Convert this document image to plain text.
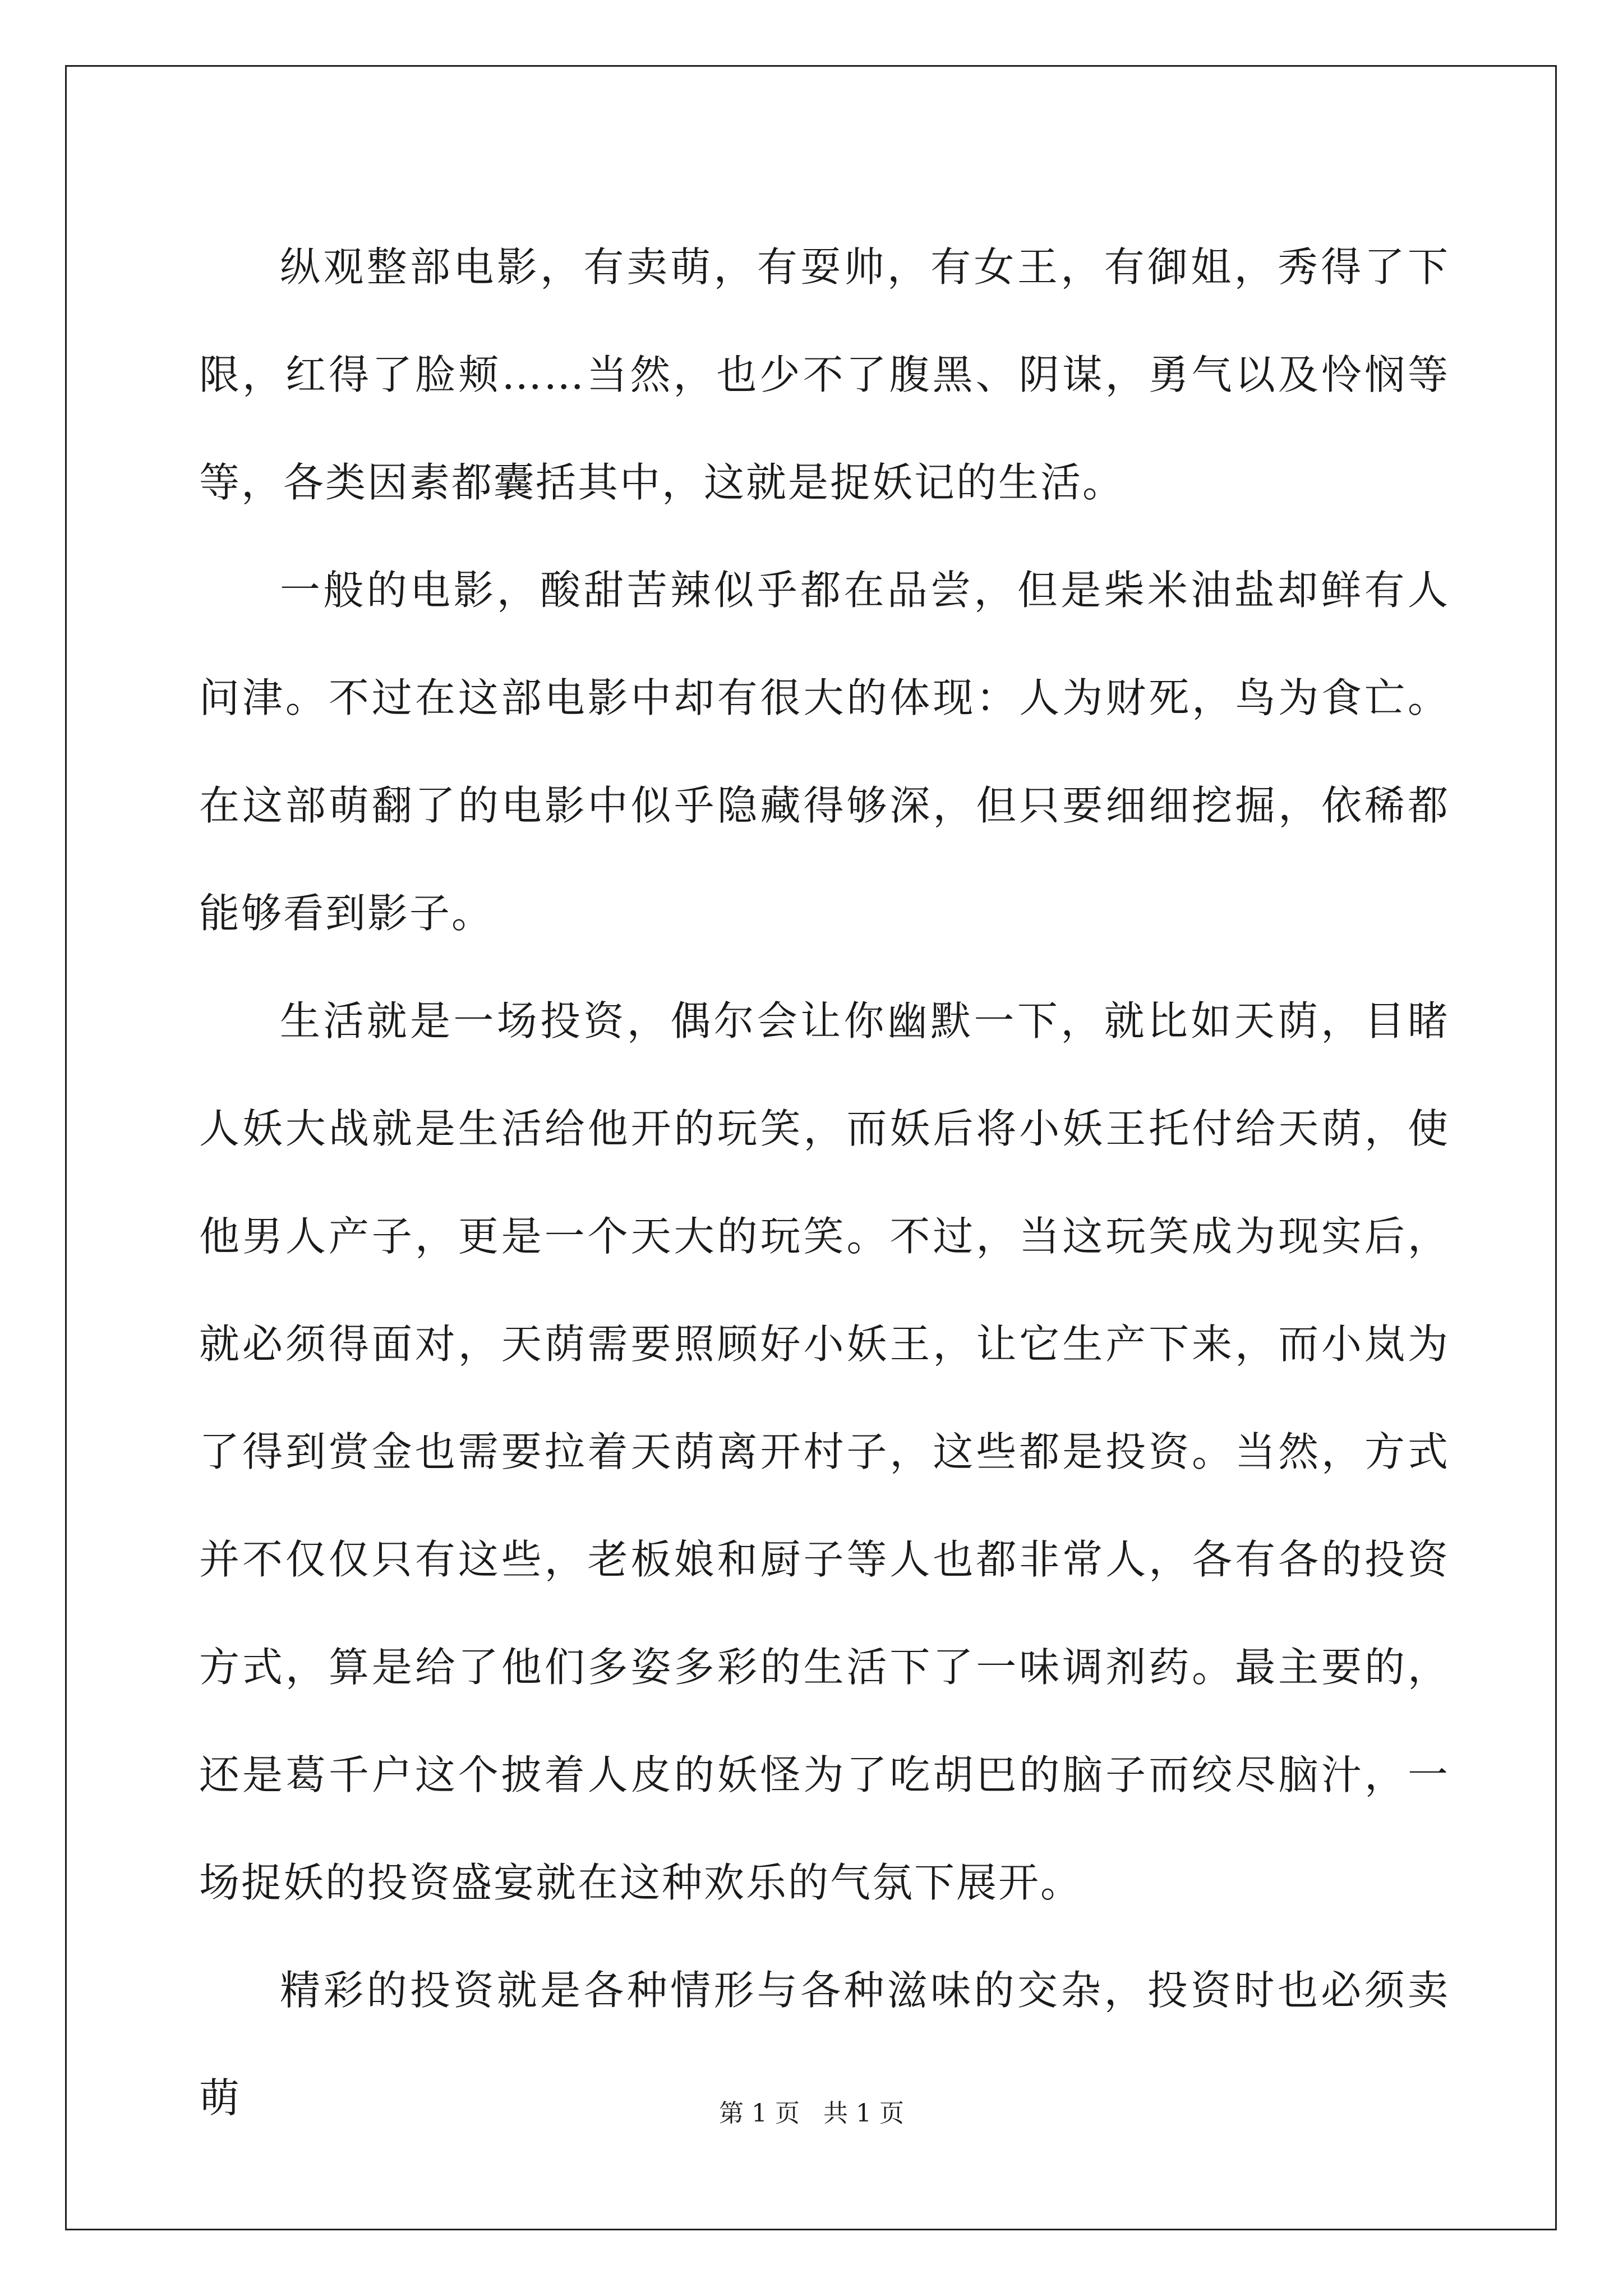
纵观整部电影，有卖萌，有耍帅，有女王，有御姐，秀得了下限，红得了脸颊……当然，也少不了腹黑、阴谋，勇气以及怜悯等等，各类因素都囊括其中，这就是捉妖记的生活。

一般的电影，酸甜苦辣似乎都在品尝，但是柴米油盐却鲜有人问津。不过在这部电影中却有很大的体现：人为财死，鸟为食亡。在这部萌翻了的电影中似乎隐藏得够深，但只要细细挖掘，依稀都能够看到影子。

生活就是一场投资，偶尔会让你幽默一下，就比如天荫，目睹人妖大战就是生活给他开的玩笑，而妖后将小妖王托付给天荫，使他男人产子，更是一个天大的玩笑。不过，当这玩笑成为现实后，就必须得面对，天荫需要照顾好小妖王，让它生产下来，而小岚为了得到赏金也需要拉着天荫离开村子，这些都是投资。当然，方式并不仅仅只有这些，老板娘和厨子等人也都非常人，各有各的投资方式，算是给了他们多姿多彩的生活下了一味调剂药。最主要的，还是葛千户这个披着人皮的妖怪为了吃胡巴的脑子而绞尽脑汁，一场捉妖的投资盛宴就在这种欢乐的气氛下展开。

精彩的投资就是各种情形与各种滋味的交杂，投资时也必须卖萌	第 1 页   共 1 页
